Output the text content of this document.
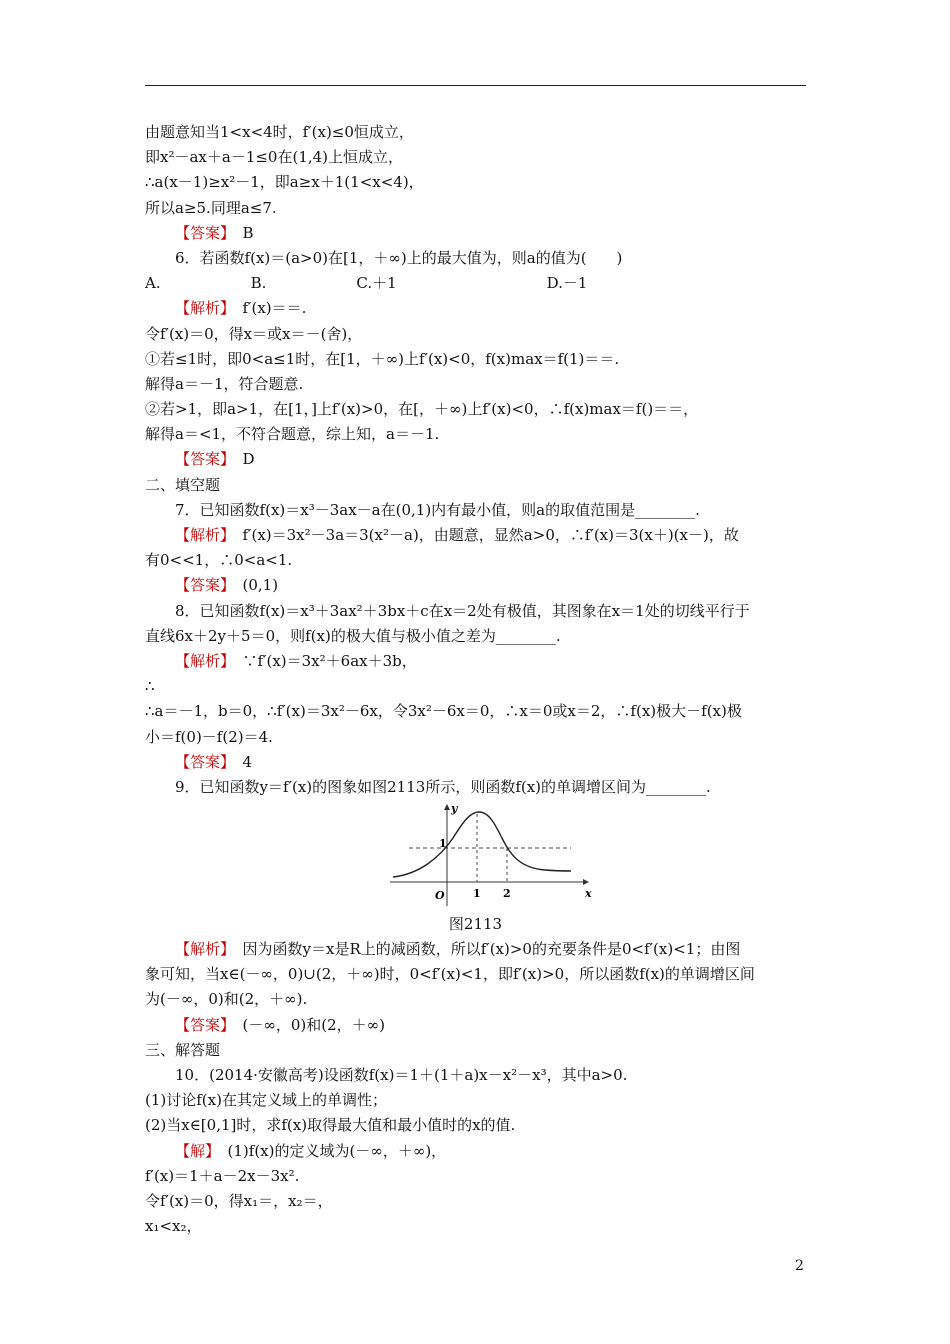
由题意知当1<x<4时，f′(x)≤0恒成立，
即x²－ax＋a－1≤0在(1,4)上恒成立，
∴a(x－1)≥x²－1，即a≥x＋1(1<x<4)，
所以a≥5.同理a≤7.
【答案】　B
6．若函数f(x)＝(a>0)在[1，＋∞)上的最大值为，则a的值为(　　)
A.　　　　　　B.　　　　　　C.＋1　　　　　　　　　　D.－1
【解析】　f′(x)＝＝.
令f′(x)＝0，得x＝或x＝－(舍)，
①若≤1时，即0<a≤1时，在[1，＋∞)上f′(x)<0，f(x)max＝f(1)＝＝.
解得a＝－1，符合题意.
②若>1，即a>1，在[1，]上f′(x)>0，在[，＋∞)上f′(x)<0，∴f(x)max＝f()＝＝，
解得a＝<1，不符合题意，综上知，a＝－1.
【答案】　D
二、填空题
7．已知函数f(x)＝x³－3ax－a在(0,1)内有最小值，则a的取值范围是________.
【解析】　f′(x)＝3x²－3a＝3(x²－a)，由题意，显然a>0，∴f′(x)＝3(x＋)(x－)，故
有0<<1，∴0<a<1.
【答案】　(0,1)
8．已知函数f(x)＝x³＋3ax²＋3bx＋c在x＝2处有极值，其图象在x＝1处的切线平行于
直线6x＋2y＋5＝0，则f(x)的极大值与极小值之差为________.
【解析】　∵f′(x)＝3x²＋6ax＋3b，
∴
∴a＝－1，b＝0，∴f′(x)＝3x²－6x，令3x²－6x＝0，∴x＝0或x＝2，∴f(x)极大－f(x)极
小＝f(0)－f(2)＝4.
【答案】　4
9．已知函数y＝f′(x)的图象如图2113所示，则函数f(x)的单调增区间为________.
y
x
O
1
1 2
图2113
【解析】　因为函数y＝x是R上的减函数，所以f′(x)>0的充要条件是0<f′(x)<1；由图
象可知，当x∈(－∞，0)∪(2，＋∞)时，0<f′(x)<1，即f′(x)>0，所以函数f(x)的单调增区间
为(－∞，0)和(2，＋∞).
【答案】　(－∞，0)和(2，＋∞)
三、解答题
10．(2014·安徽高考)设函数f(x)＝1＋(1＋a)x－x²－x³，其中a>0.
(1)讨论f(x)在其定义域上的单调性；
(2)当x∈[0,1]时，求f(x)取得最大值和最小值时的x的值.
【解】　(1)f(x)的定义域为(－∞，＋∞)，
f′(x)＝1＋a－2x－3x².
令f′(x)＝0，得x₁＝，x₂＝，
x₁<x₂，
2
